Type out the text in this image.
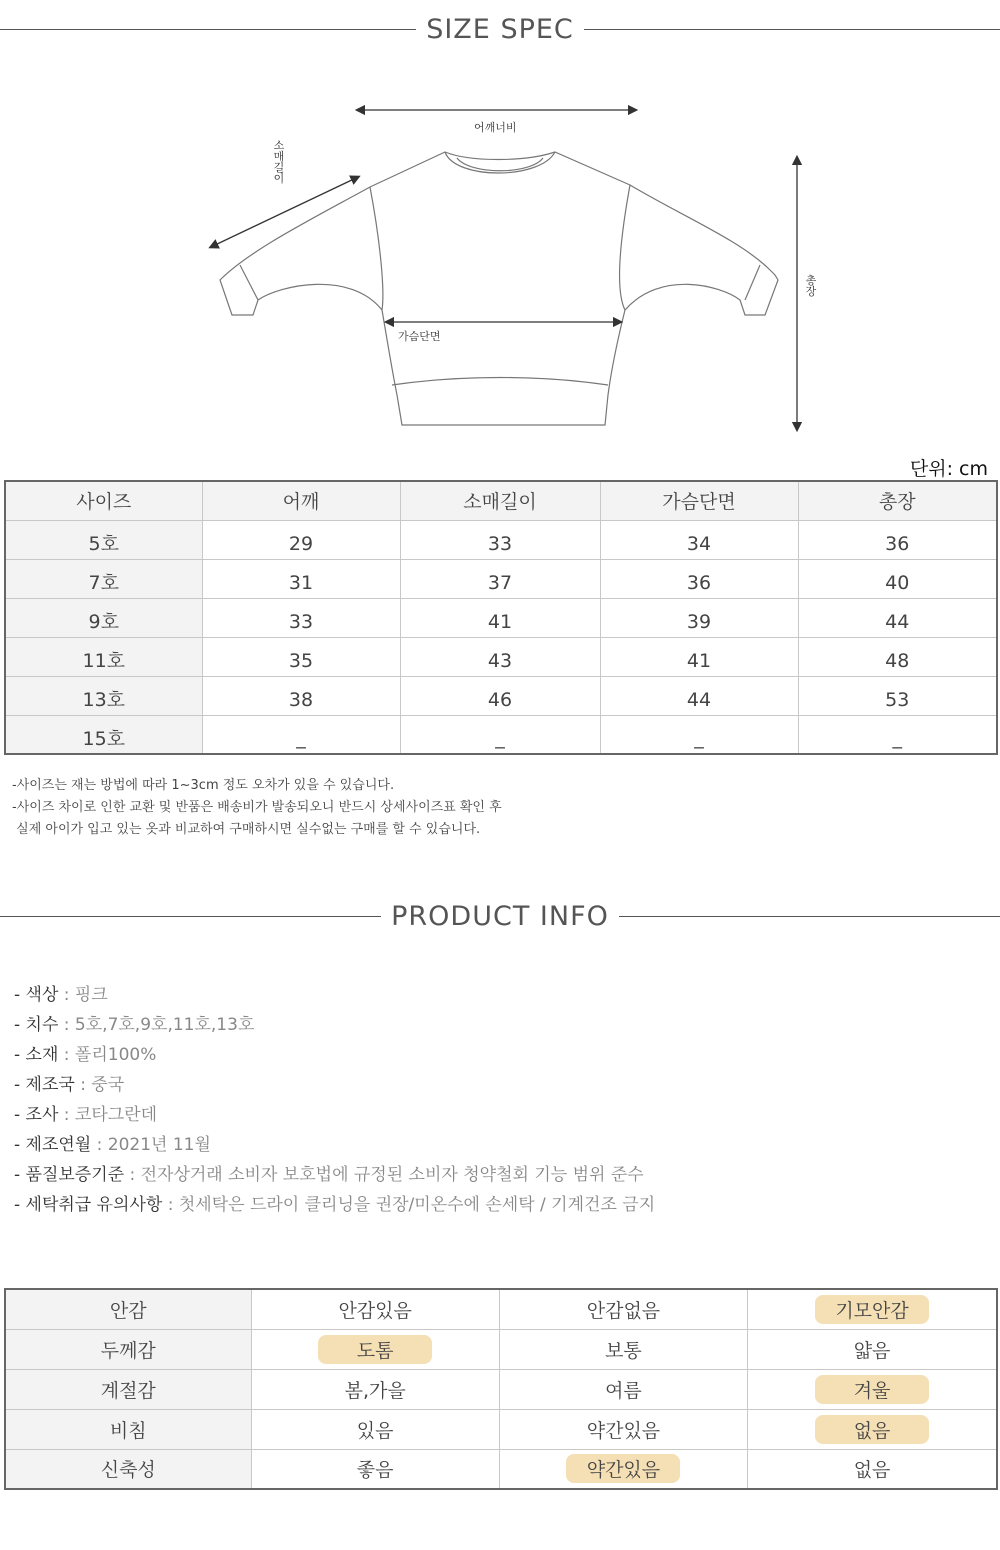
SIZE SPEC
어깨너비
소매길이
가슴단면
총장
단위: cm
사이즈	어깨	소매길이	가슴단면	총장
5호	29	33	34	36
7호	31	37	36	40
9호	33	41	39	44
11호	35	43	41	48
13호	38	46	44	53
15호	_	_	_	_
-사이즈는 재는 방법에 따라 1~3cm 정도 오차가 있을 수 있습니다.
-사이즈 차이로 인한 교환 및 반품은 배송비가 발송되오니 반드시 상세사이즈표 확인 후
실제 아이가 입고 있는 옷과 비교하여 구매하시면 실수없는 구매를 할 수 있습니다.
PRODUCT INFO
- 색상 : 핑크
- 치수 : 5호,7호,9호,11호,13호
- 소재 : 폴리100%
- 제조국 : 중국
- 조사 : 코타그란데
- 제조연월 : 2021년 11월
- 품질보증기준 : 전자상거래 소비자 보호법에 규정된 소비자 청약철회 기능 범위 준수
- 세탁취급 유의사항 : 첫세탁은 드라이 클리닝을 권장/미온수에 손세탁 / 기계건조 금지
안감	안감있음	안감없음	기모안감
두께감	도톰	보통	얇음
계절감	봄,가을	여름	겨울
비침	있음	약간있음	없음
신축성	좋음	약간있음	없음
